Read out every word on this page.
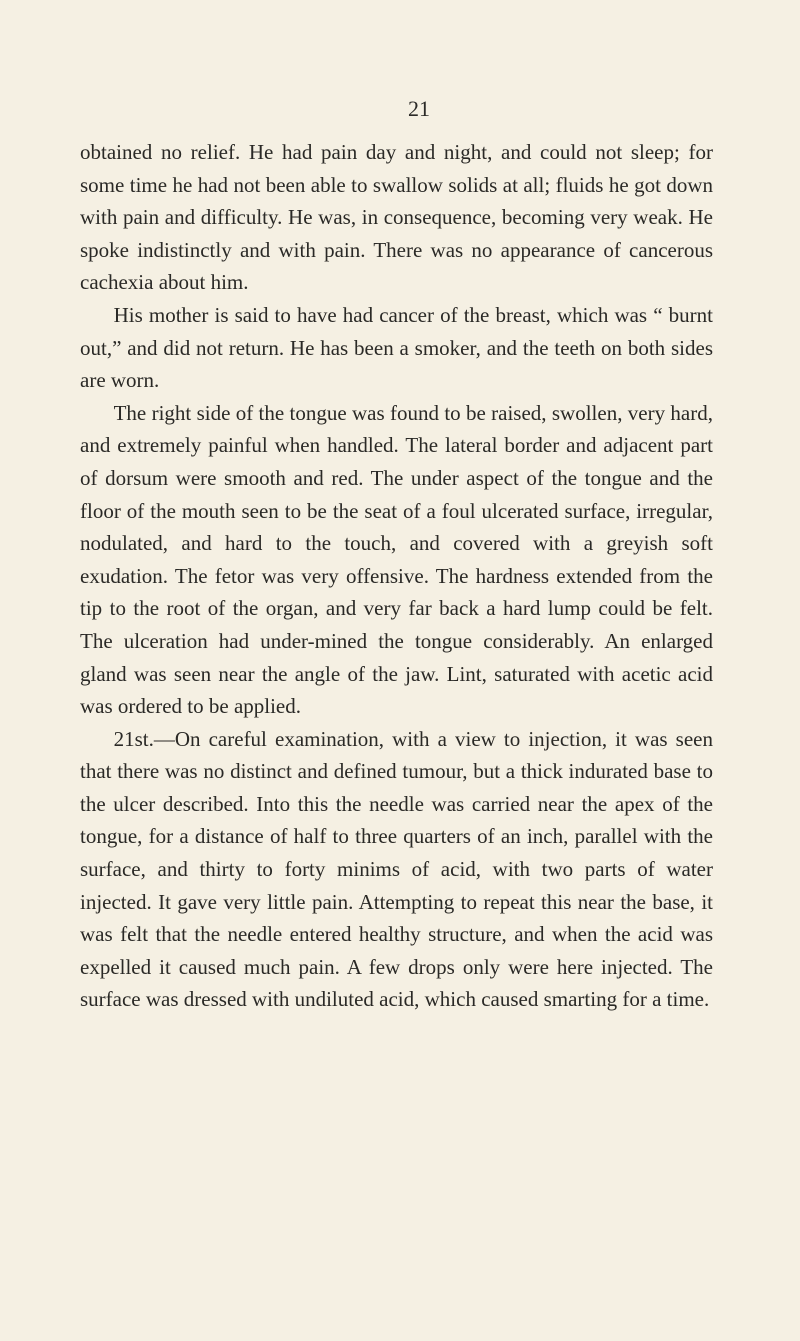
21

obtained no relief. He had pain day and night, and could not sleep; for some time he had not been able to swallow solids at all; fluids he got down with pain and difficulty. He was, in consequence, becoming very weak. He spoke indistinctly and with pain. There was no appearance of cancerous cachexia about him.

His mother is said to have had cancer of the breast, which was “ burnt out,” and did not return. He has been a smoker, and the teeth on both sides are worn.

The right side of the tongue was found to be raised, swollen, very hard, and extremely painful when handled. The lateral border and adjacent part of dorsum were smooth and red. The under aspect of the tongue and the floor of the mouth seen to be the seat of a foul ulcerated surface, irregular, nodulated, and hard to the touch, and covered with a greyish soft exudation. The fetor was very offensive. The hardness extended from the tip to the root of the organ, and very far back a hard lump could be felt. The ulceration had under-mined the tongue considerably. An enlarged gland was seen near the angle of the jaw. Lint, saturated with acetic acid was ordered to be applied.

21st.—On careful examination, with a view to injection, it was seen that there was no distinct and defined tumour, but a thick indurated base to the ulcer described. Into this the needle was carried near the apex of the tongue, for a distance of half to three quarters of an inch, parallel with the surface, and thirty to forty minims of acid, with two parts of water injected. It gave very little pain. Attempting to repeat this near the base, it was felt that the needle entered healthy structure, and when the acid was expelled it caused much pain. A few drops only were here injected. The surface was dressed with undiluted acid, which caused smarting for a time.
